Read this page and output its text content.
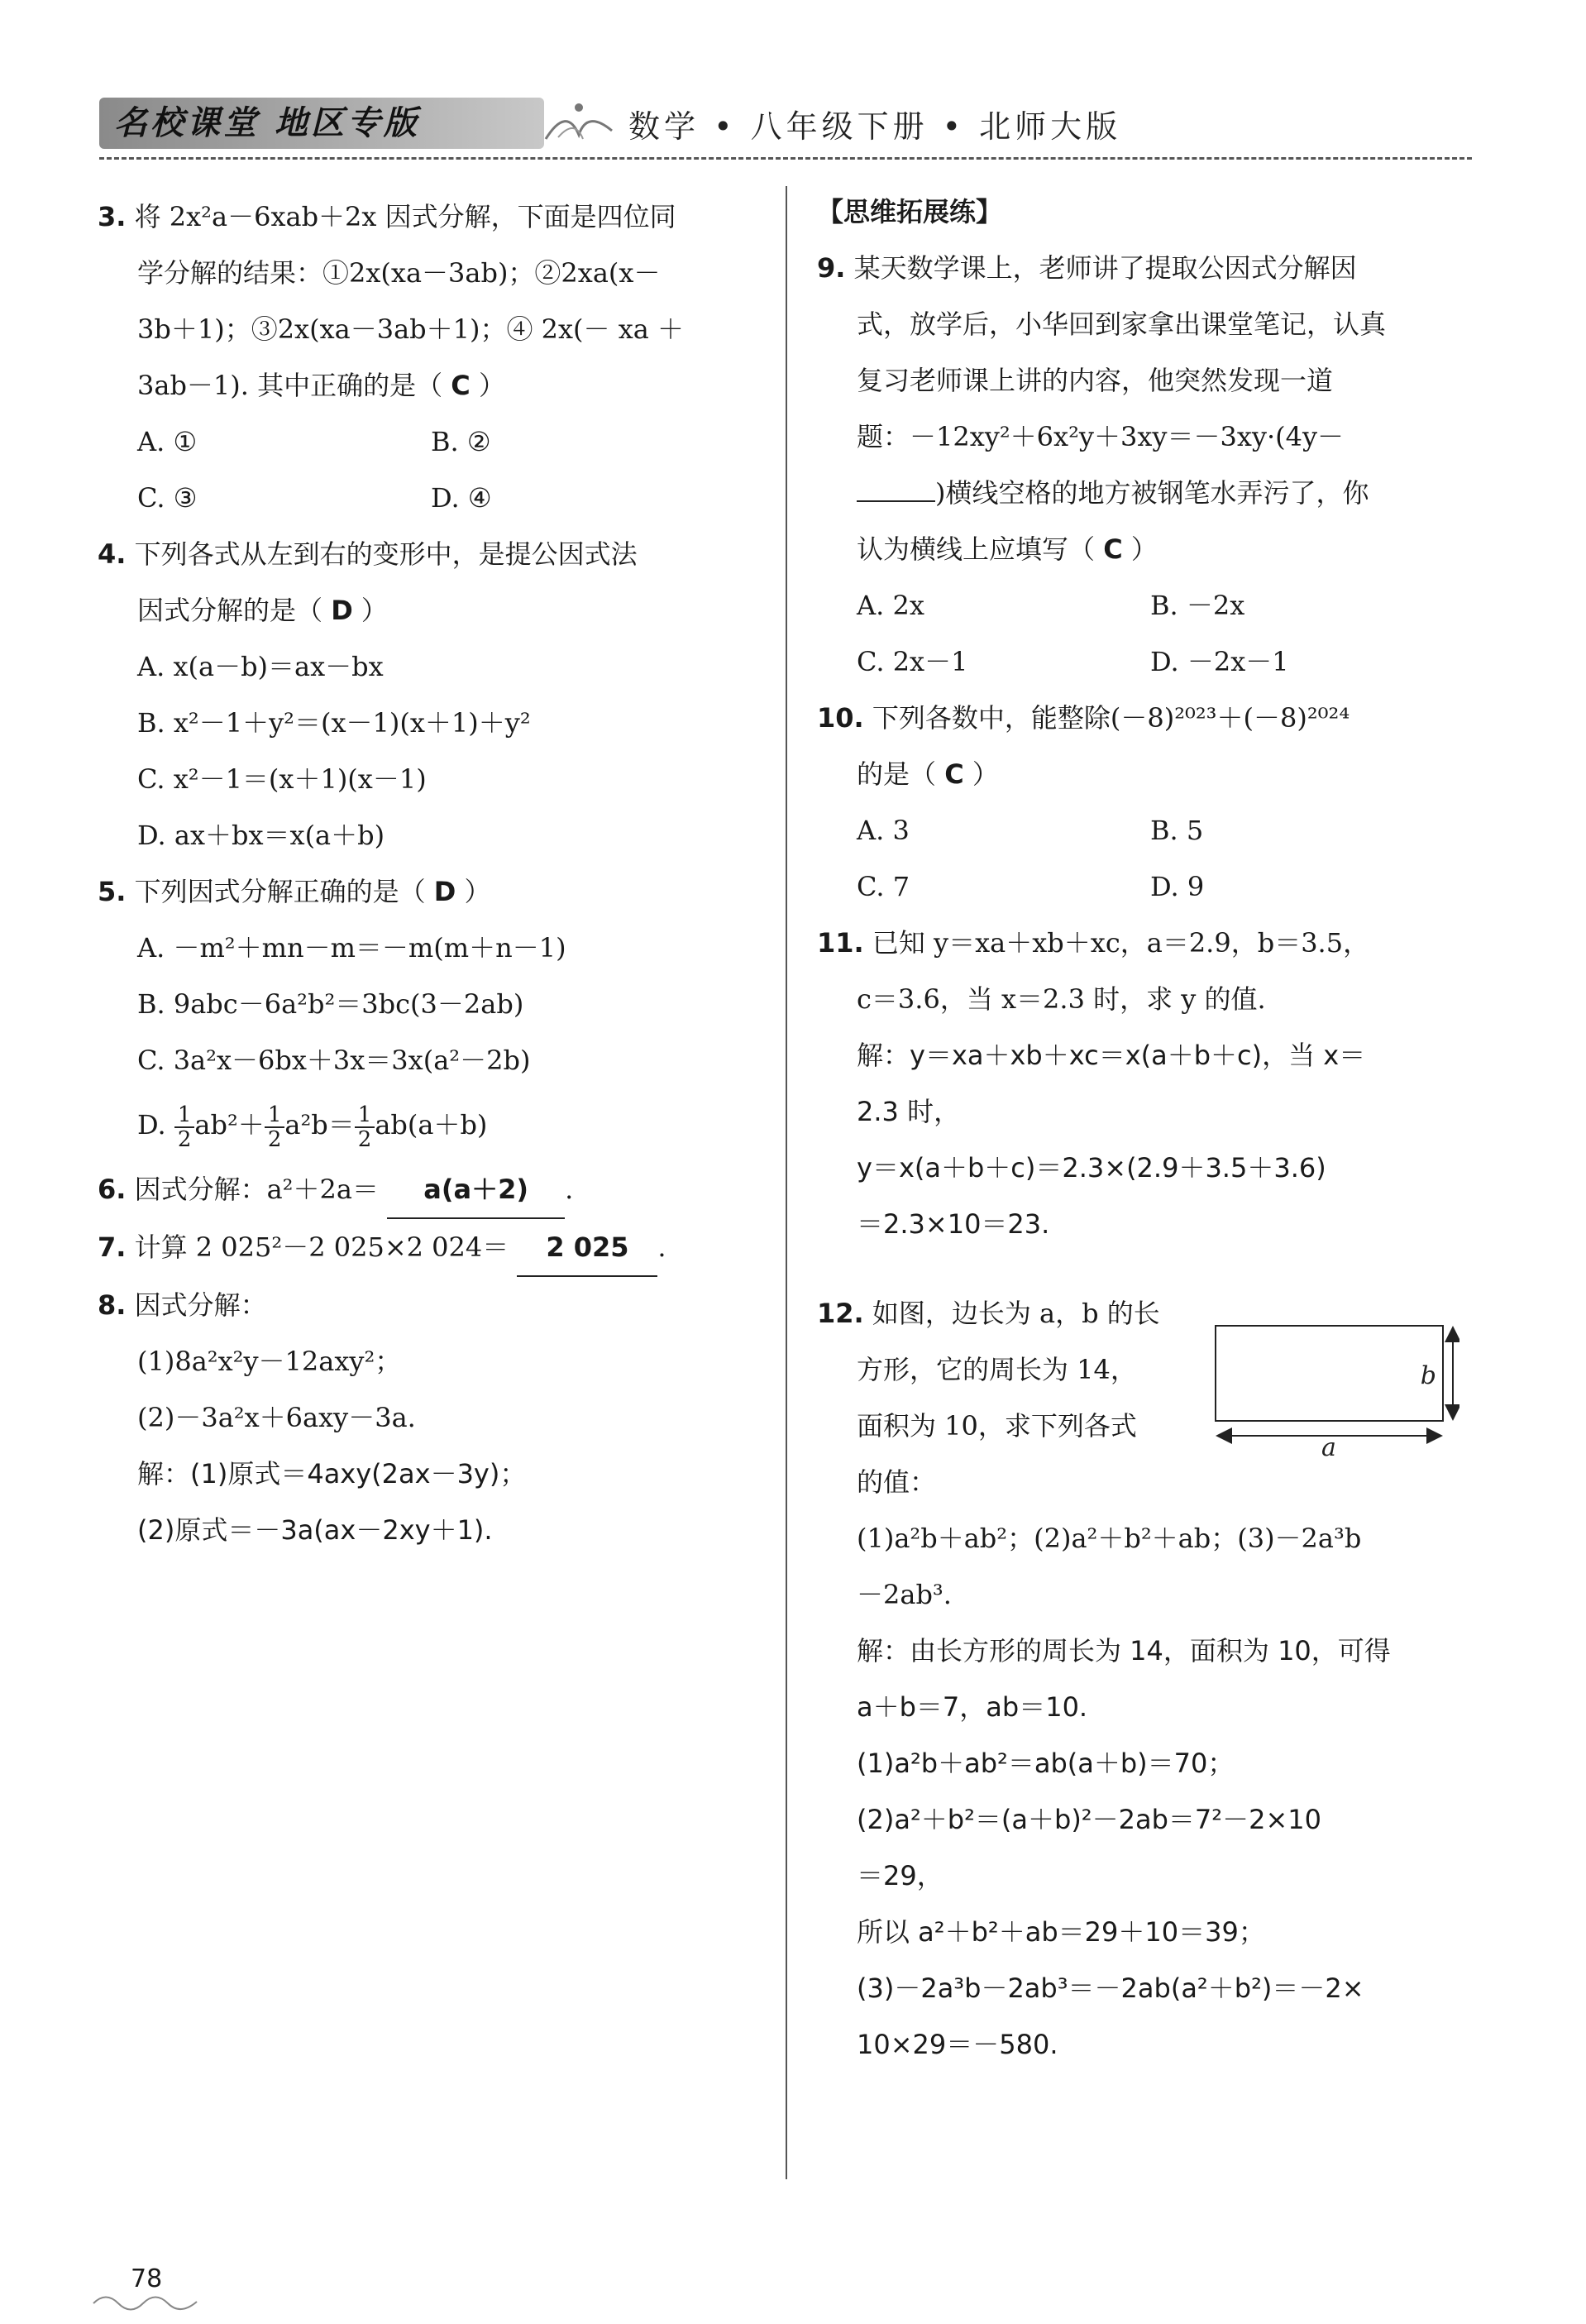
名校课堂 地区专版	数学 • 八年级下册 • 北师大版
3. 将 2x²a－6xab＋2x 因式分解，下面是四位同
学分解的结果：①2x(xa－3ab)；②2xa(x－
3b＋1)；③2x(xa－3ab＋1)；④ 2x(－ xa ＋
3ab－1). 其中正确的是（ C ）
A. ①	B. ②
C. ③	D. ④
4. 下列各式从左到右的变形中，是提公因式法
因式分解的是（ D ）
A. x(a－b)＝ax－bx
B. x²－1＋y²＝(x－1)(x＋1)＋y²
C. x²－1＝(x＋1)(x－1)
D. ax＋bx＝x(a＋b)
5. 下列因式分解正确的是（ D ）
A. －m²＋mn－m＝－m(m＋n－1)
B. 9abc－6a²b²＝3bc(3－2ab)
C. 3a²x－6bx＋3x＝3x(a²－2b)
D. $\frac{1}{2} ab^2+ \frac{1}{2} a^2b= \frac{1}{2} ab(a+b)$
6. 因式分解：a²＋2a＝ a(a＋2) .
7. 计算 2 025²－2 025×2 024＝ 2 025 .
8. 因式分解：
(1)8a²x²y－12axy²；
(2)－3a²x＋6axy－3a.
解：(1)原式＝4axy(2ax－3y)；
(2)原式＝－3a(ax－2xy＋1).
【思维拓展练】
9. 某天数学课上，老师讲了提取公因式分解因
式，放学后，小华回到家拿出课堂笔记，认真
复习老师课上讲的内容，他突然发现一道
题：－12xy²＋6x²y＋3xy＝－3xy·(4y－
)横线空格的地方被钢笔水弄污了，你
认为横线上应填写（ C ）
A. 2x	B. －2x
C. 2x－1	D. －2x－1
10. 下列各数中，能整除(－8)²⁰²³＋(－8)²⁰²⁴
的是（ C ）
A. 3	B. 5
C. 7	D. 9
11. 已知 y＝xa＋xb＋xc，a＝2.9，b＝3.5，
c＝3.6，当 x＝2.3 时，求 y 的值.
解：y＝xa＋xb＋xc＝x(a＋b＋c)，当 x＝
2.3 时，
y＝x(a＋b＋c)＝2.3×(2.9＋3.5＋3.6)
＝2.3×10＝23.
12. 如图，边长为 a，b 的长
方形，它的周长为 14，
面积为 10，求下列各式
的值：
(1)a²b＋ab²；(2)a²＋b²＋ab；(3)－2a³b
－2ab³.
解：由长方形的周长为 14，面积为 10，可得
a＋b＝7，ab＝10.
(1)a²b＋ab²＝ab(a＋b)＝70；
(2)a²＋b²＝(a＋b)²－2ab＝7²－2×10
＝29，
所以 a²＋b²＋ab＝29＋10＝39；
(3)－2a³b－2ab³＝－2ab(a²＋b²)＝－2×
10×29＝－580.
b
a
78
